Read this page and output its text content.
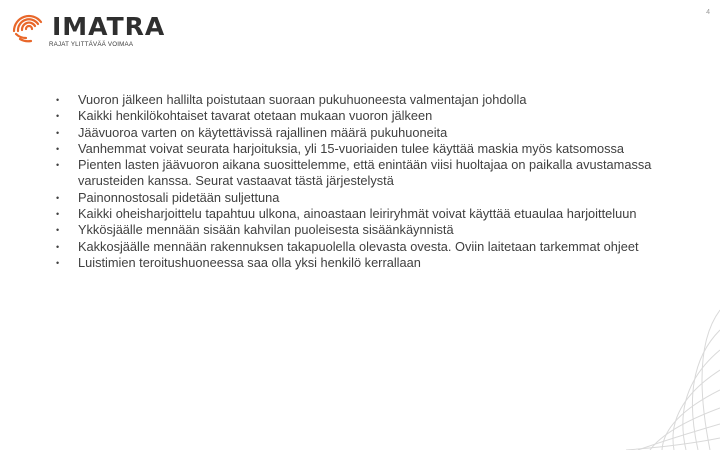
IMATRA
RAJAT YLITTÄVÄÄ VOIMAA
4
• Vuoron jälkeen hallilta poistutaan suoraan pukuhuoneesta valmentajan johdolla
• Kaikki henkilökohtaiset tavarat otetaan mukaan vuoron jälkeen
• Jäävuoroa varten on käytettävissä rajallinen määrä pukuhuoneita
• Vanhemmat voivat seurata harjoituksia, yli 15-vuoriaiden tulee käyttää maskia myös katsomossa
• Pienten lasten jäävuoron aikana suosittelemme, että enintään viisi huoltajaa on paikalla avustamassa varusteiden kanssa. Seurat vastaavat tästä järjestelystä
• Painonnostosali pidetään suljettuna
• Kaikki oheisharjoittelu tapahtuu ulkona, ainoastaan leiriryhmät voivat käyttää etuaulaa harjoitteluun
• Ykkösjäälle mennään sisään kahvilan puoleisesta sisäänkäynnistä
• Kakkosjäälle mennään rakennuksen takapuolella olevasta ovesta. Oviin laitetaan tarkemmat ohjeet
• Luistimien teroitushuoneessa saa olla yksi henkilö kerrallaan
